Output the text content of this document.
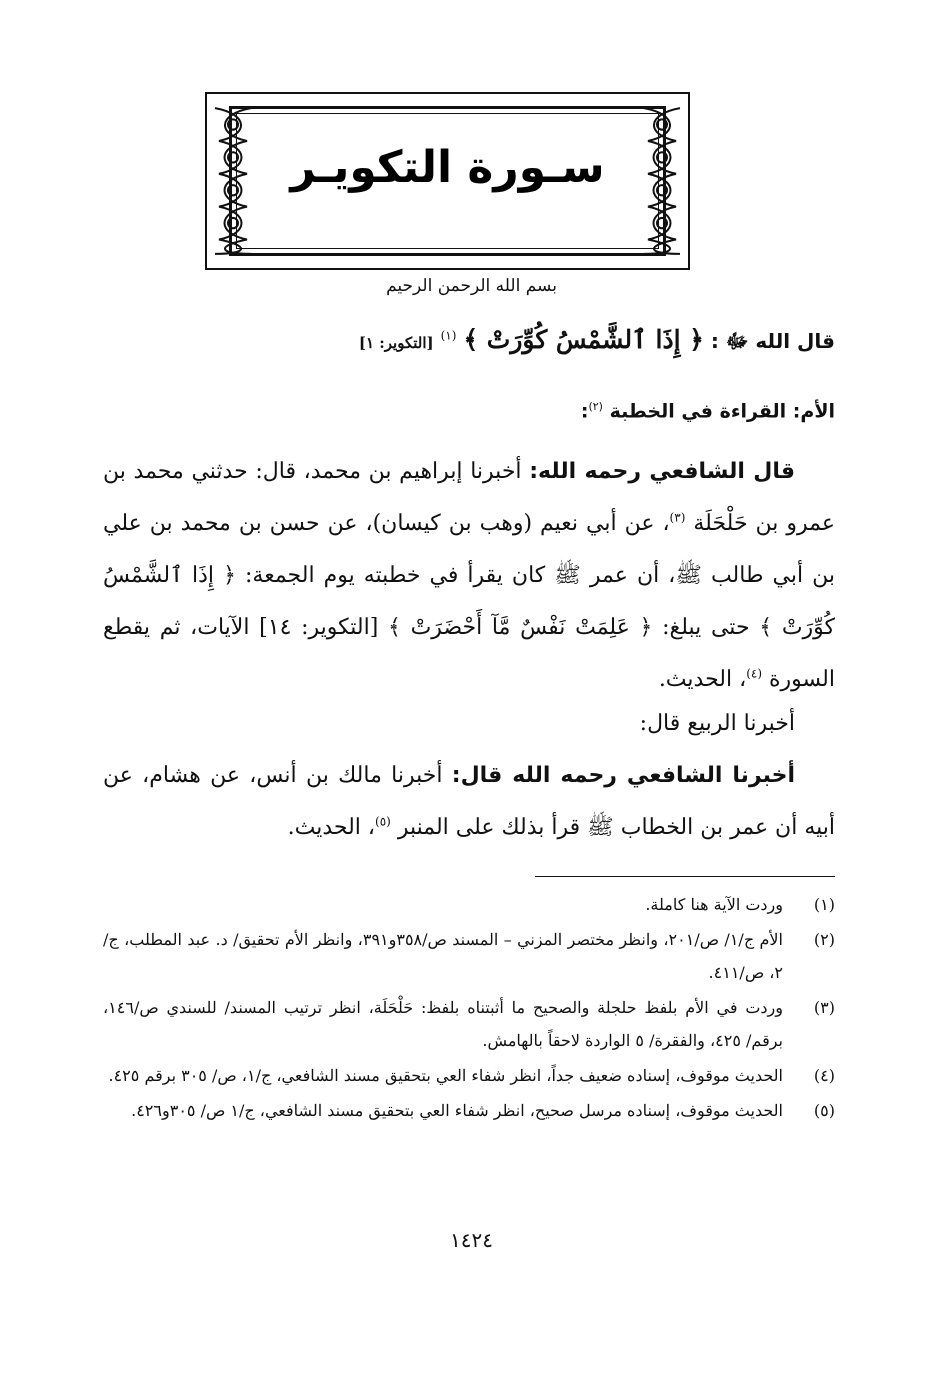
سـورة التكويـر
بسم الله الرحمن الرحيم
قال الله ﷻ : ﴿ إِذَا ٱلشَّمْسُ كُوِّرَتْ ﴾ $^{(١)}$ [التكوير: ١]
الأم: القراءة في الخطبة $^{(٢)}$:
قال الشافعي رحمه الله: أخبرنا إبراهيم بن محمد، قال: حدثني محمد بن عمرو بن حَلْحَلَة $^{(٣)}$، عن أبي نعيم (وهب بن كيسان)، عن حسن بن محمد بن علي بن أبي طالب ﷺ، أن عمر ﷺ كان يقرأ في خطبته يوم الجمعة: ﴿ إِذَا ٱلشَّمْسُ كُوِّرَتْ ﴾ حتى يبلغ: ﴿ عَلِمَتْ نَفْسٌ مَّآ أَحْضَرَتْ ﴾ [التكوير: ١٤] الآيات، ثم يقطع السورة $^{(٤)}$، الحديث.
أخبرنا الربيع قال:
أخبرنا الشافعي رحمه الله قال: أخبرنا مالك بن أنس، عن هشام، عن أبيه أن عمر بن الخطاب ﷺ قرأ بذلك على المنبر $^{(٥)}$، الحديث.
(١)
وردت الآية هنا كاملة.
(٢)
الأم ج/١/ ص/٢٠١، وانظر مختصر المزني – المسند ص/٣٥٨و٣٩١، وانظر الأم تحقيق/ د. عبد المطلب، ج/٢، ص/٤١١.
(٣)
وردت في الأم بلفظ حلجلة والصحيح ما أثبتناه بلفظ: حَلْحَلَة، انظر ترتيب المسند/ للسندي ص/١٤٦، برقم/ ٤٢٥، والفقرة/ ٥ الواردة لاحقاً بالهامش.
(٤)
الحديث موقوف، إسناده ضعيف جداً، انظر شفاء العي بتحقيق مسند الشافعي، ج/١، ص/ ٣٠٥ برقم ٤٢٥.
(٥)
الحديث موقوف، إسناده مرسل صحيح، انظر شفاء العي بتحقيق مسند الشافعي، ج/١ ص/ ٣٠٥و٤٢٦.
١٤٢٤
